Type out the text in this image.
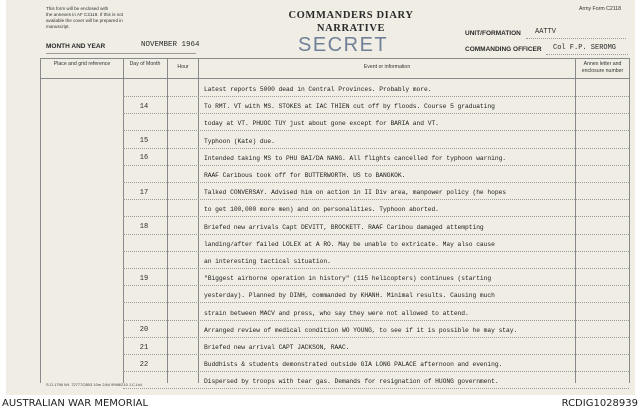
This form will be enclosed with
the annexes in AF C2119. If this is not
available the cover will be prepared in
manuscript.
MONTH AND YEAR	NOVEMBER 1964
COMMANDERS DIARY
NARRATIVE
SECRET
Army Form C2118
UNIT/FORMATION AATTV
COMMANDING OFFICER Col F.P. SEROMG
Place and grid reference	Day of Month	Hour	Event or information	Annex letter and enclosure number
Latest reports 5000 dead in Central Provinces. Probably more.
14	To RMT. VT with MS. STOKES at IAC THIEN cut off by floods. Course 5 graduating
today at VT. PHUOC TUY just about gone except for BARIA and VT.
15	Typhoon (Kate) due.
16	Intended taking MS to PHU BAI/DA NANG. All flights cancelled for typhoon warning.
RAAF Caribous took off for BUTTERWORTH. US to BANGKOK.
17	Talked CONVERSAY. Advised him on action in II Div area, manpower policy (he hopes
to get 100,000 more men) and on personalities. Typhoon aborted.
18	Briefed new arrivals Capt DEVITT, BROCKETT. RAAF Caribou damaged attempting
landing/after failed LOLEX at A RO. May be unable to extricate. May also cause
an interesting tactical situation.
19	"Biggest airborne operation in history" (115 helicopters) continues (starting
yesterday). Planned by DINH, commanded by KHANH. Minimal results. Causing much
strain between MACV and press, who say they were not allowed to attend.
20	Arranged review of medical condition WO YOUNG, to see if it is possible he may stay.
21	Briefed new arrival CAPT JACKSON, RAAC.
22	Buddhists & students demonstrated outside GIA LONG PALACE afternoon and evening.
Dispersed by troops with tear gas. Demands for resignation of HUONG government.
S.O.1796 Wt. 72777/2803 10m 2/64 9998/210 J.C.Ltd.
AUSTRALIAN WAR MEMORIAL	RCDIG1028939
